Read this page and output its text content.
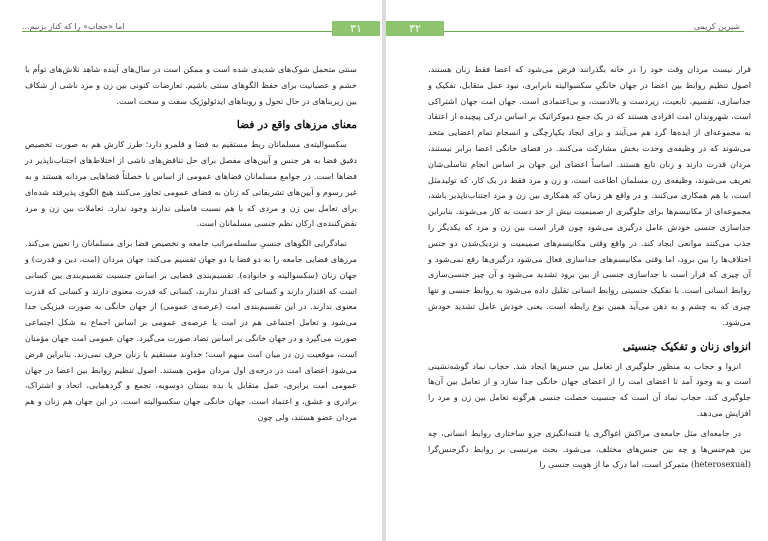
۳۱
اما «حجاب» را که کنار بزنیم...

سنتی متحمل شوک‌های شدیدی شده است و ممکن است در سال‌های آینده شاهد تلاش‌های توأم با خشم و عصبانیت برای حفظ الگوهای سنتی باشیم. تعارضات کنونی بین زن و مرد ناشی از شکاف بین زیربناهای در حال تحول و روبناهای ایدئولوژیک سفت و سخت است.

معنای مرزهای واقع در فضا

سکسوالیته‌ی مسلمانان ربط مستقیم به فضا و قلمرو دارد؛ طرز کارش هم به صورت تخصیص دقیق فضا به هر جنس و آیین‌های مفصل برای حل تناقض‌های ناشی از اختلاط‌های اجتناب‌ناپذیر در فضاها است. در جوامع مسلمانان فضاهای عمومی از اساس با خصلتاً فضاهایی مردانه هستند و به غیر رسوم و آیین‌های تشریفاتی که زنان به فضای عمومی تجاوز می‌کنند هیچ الگوی پذیرفته شده‌ای برای تعامل بین زن و مردی که با هم نسبت فامیلی ندارند وجود ندارد. تعاملات بین زن و مرد نقض‌کننده‌ی ارکان نظم جنسی مسلمانان است.

نمادگرایی الگوهای جنسیِ سلسله‌مراتب جامعه و تخصیص فضا برای مسلمانان را تعیین می‌کند. مرزهای فضایی جامعه را به دو فضا یا دو جهان تقسیم می‌کند: جهان مردان (امت، دین و قدرت) و جهان زنان (سکسوالیته و خانواده). تقسیم‌بندی فضایی بر اساس جنسیت تقسیم‌بندی بین کسانی است که اقتدار دارند و کسانی که اقتدار ندارند، کسانی که قدرت معنوی دارند و کسانی که قدرت معنوی ندارند. در این تقسیم‌بندی امت (عرصه‌ی عمومی) از جهان خانگی به صورت فیزیکی جدا می‌شود و تعامل اجتماعی هم در امت یا عرصه‌ی عمومی بر اساس اجماع به شکل اجتماعی صورت می‌گیرد و در جهان خانگی بر اساس تضاد صورت می‌گیرد. جهان عمومی امت جهان مؤمنان است، موقعیت زن در میان امت مبهم است؛ خداوند مستقیم با زنان حرف نمی‌زند. بنابراین فرض می‌شود اعضای امت در درجه‌ی اول مردان مؤمن هستند. اصول تنظیم روابط بین اعضا در جهان عمومی امت برابری، عمل متقابل یا بده بستان دوسویه، تجمع و گردهمایی، اتحاد و اشتراک، برادری و عشق، و اعتماد است. جهان خانگی جهان سکسوالیته است. در این جهان هم زنان و هم مردان عضو هستند، ولی چون

۳۲	شیرین کریمی

قرار نیست مردان وقت خود را در خانه بگذرانند فرض می‌شود که اعضا فقط زنان هستند. اصول تنظیم روابط بین اعضا در جهان خانگیِ سکسوالیته نابرابری، نبود عمل متقابل، تفکیک و جداسازی، تقسیم، تابعیت، زیردست و بالادست، و بی‌اعتمادی است. جهان امت جهان اشتراکی است، شهروندان امت افرادی هستند که در یک جمع دموکراتیک بر اساس درکی پیچیده از اعتقاد به مجموعه‌ای از ایده‌ها گرد هم می‌آیند و برای ایجاد یکپارچگی و انسجام تمام اعضایی متحد می‌شوند که در وظیفه‌ی وحدت بخش مشارکت می‌کنند. در فضای خانگی اعضا برابر نیستند، مردان قدرت دارند و زنان تابع هستند. اساساً اعضای این جهان بر اساس انجام تناسلی‌شان تعریف می‌شوند، وظیفه‌ی زن مسلمان اطاعت است، و زن و مرد فقط در یک کار، که تولیدمثل است، با هم همکاری می‌کنند. و در واقع هر زمان که همکاری بین زن و مرد اجتناب‌ناپذیر باشد، مجموعه‌ای از مکانیسم‌ها برای جلوگیری از صمیمیت بیش از حد دست به کار می‌شوند. بنابراین جداسازی جنسی خودش عامل درگیری می‌شود چون قرار است بین زن و مرد که یکدیگر را جذب می‌کنند موانعی ایجاد کند. در واقع وقتی مکانیسم‌های صمیمیت و نزدیک‌شدن دو جنس اختلاف‌ها را بین برود، اما وقتی مکانیسم‌های جداسازی فعال می‌شود درگیری‌ها رفع نمی‌شود و آن چیزی که قرار است با جداسازی جنسی از بین برود تشدید می‌شود و آن چیز جنسی‌سازی روابط انسانی است. با تفکیک جنسیتی روابط انسانی تقلیل داده می‌شود به روابط جنسی و تنها چیزی که به چشم و به ذهن می‌آید همین نوع رابطه است. یعنی خودش عامل تشدید خودش می‌شود.

انزوای زنان و تفکیک جنسیتی

انزوا و حجاب به منظور جلوگیری از تعامل بین جنس‌ها ایجاد شد. حجاب نماد گوشه‌نشینی است و به وجود آمد تا اعضای امت را از اعضای جهان خانگی جدا سازد و از تعامل بین آن‌ها جلوگیری کند. حجاب نماد آن است که جنسیت خصلت جنسی هرگونه تعامل بین زن و مرد را افزایش می‌دهد.

در جامعه‌ای مثل جامعه‌ی مراکش اغواگری یا فتنه‌انگیزی جزو ساختاری روابط انسانی، چه بین هم‌جنس‌ها و چه بین جنس‌های مختلف، می‌شود. بحث مرتبسی بر روابط دگرجنس‌گرا (heterosexual) متمرکز است، اما درک ما از هویت جنسی را
